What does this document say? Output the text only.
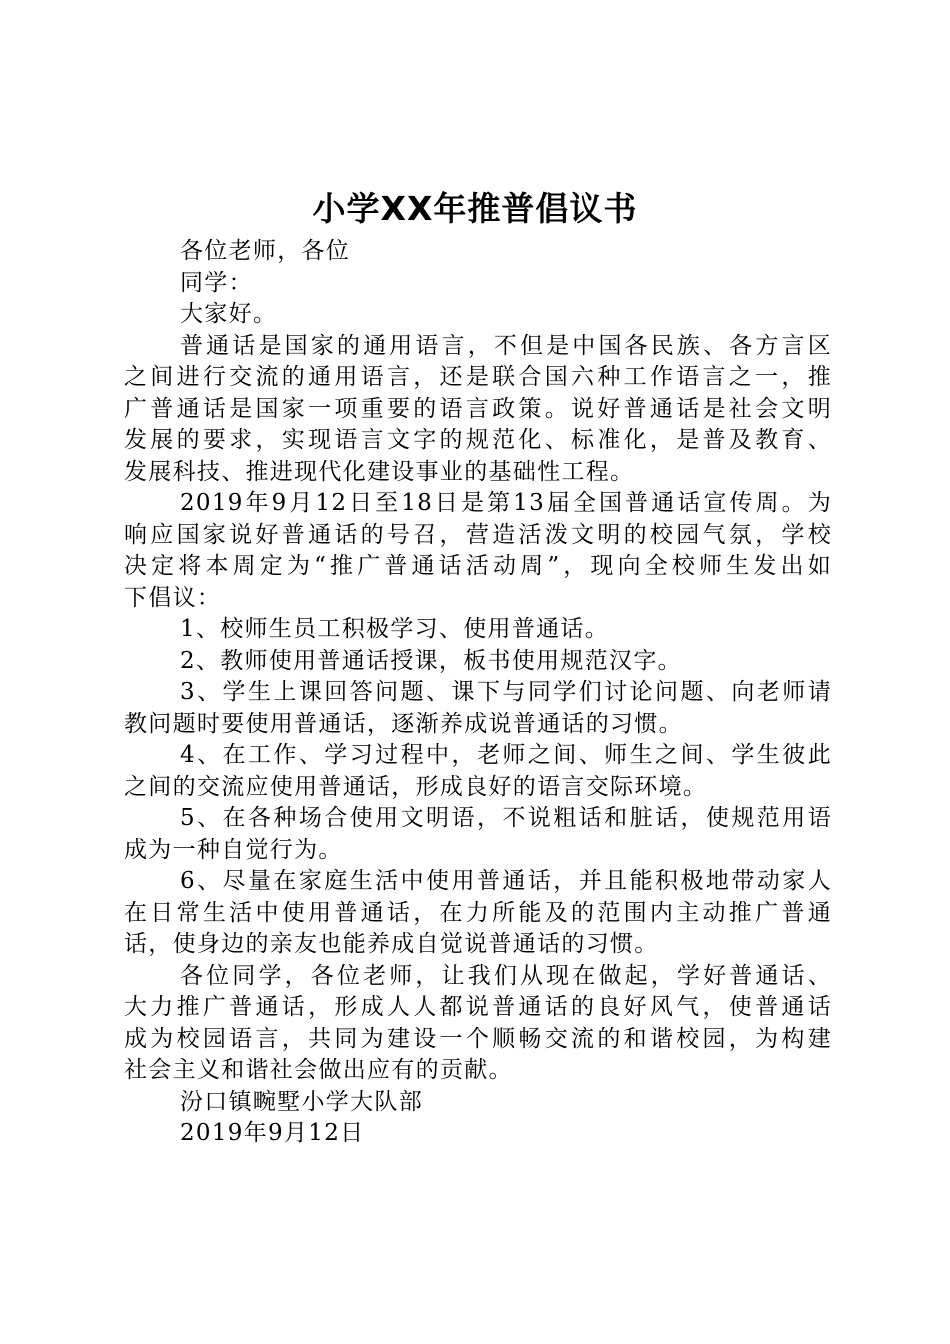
小学XX年推普倡议书
各位老师，各位
同学：
大家好。
普通话是国家的通用语言，不但是中国各民族、各方言区
之间进行交流的通用语言，还是联合国六种工作语言之一，推
广普通话是国家一项重要的语言政策。说好普通话是社会文明
发展的要求，实现语言文字的规范化、标准化，是普及教育、
发展科技、推进现代化建设事业的基础性工程。
2019年9月12日至18日是第13届全国普通话宣传周。为
响应国家说好普通话的号召，营造活泼文明的校园气氛，学校
决定将本周定为“推广普通话活动周”，现向全校师生发出如
下倡议：
1、校师生员工积极学习、使用普通话。
2、教师使用普通话授课，板书使用规范汉字。
3、学生上课回答问题、课下与同学们讨论问题、向老师请
教问题时要使用普通话，逐渐养成说普通话的习惯。
4、在工作、学习过程中，老师之间、师生之间、学生彼此
之间的交流应使用普通话，形成良好的语言交际环境。
5、在各种场合使用文明语，不说粗话和脏话，使规范用语
成为一种自觉行为。
6、尽量在家庭生活中使用普通话，并且能积极地带动家人
在日常生活中使用普通话，在力所能及的范围内主动推广普通
话，使身边的亲友也能养成自觉说普通话的习惯。
各位同学，各位老师，让我们从现在做起，学好普通话、
大力推广普通话，形成人人都说普通话的良好风气，使普通话
成为校园语言，共同为建设一个顺畅交流的和谐校园，为构建
社会主义和谐社会做出应有的贡献。
汾口镇畹墅小学大队部
2019年9月12日
